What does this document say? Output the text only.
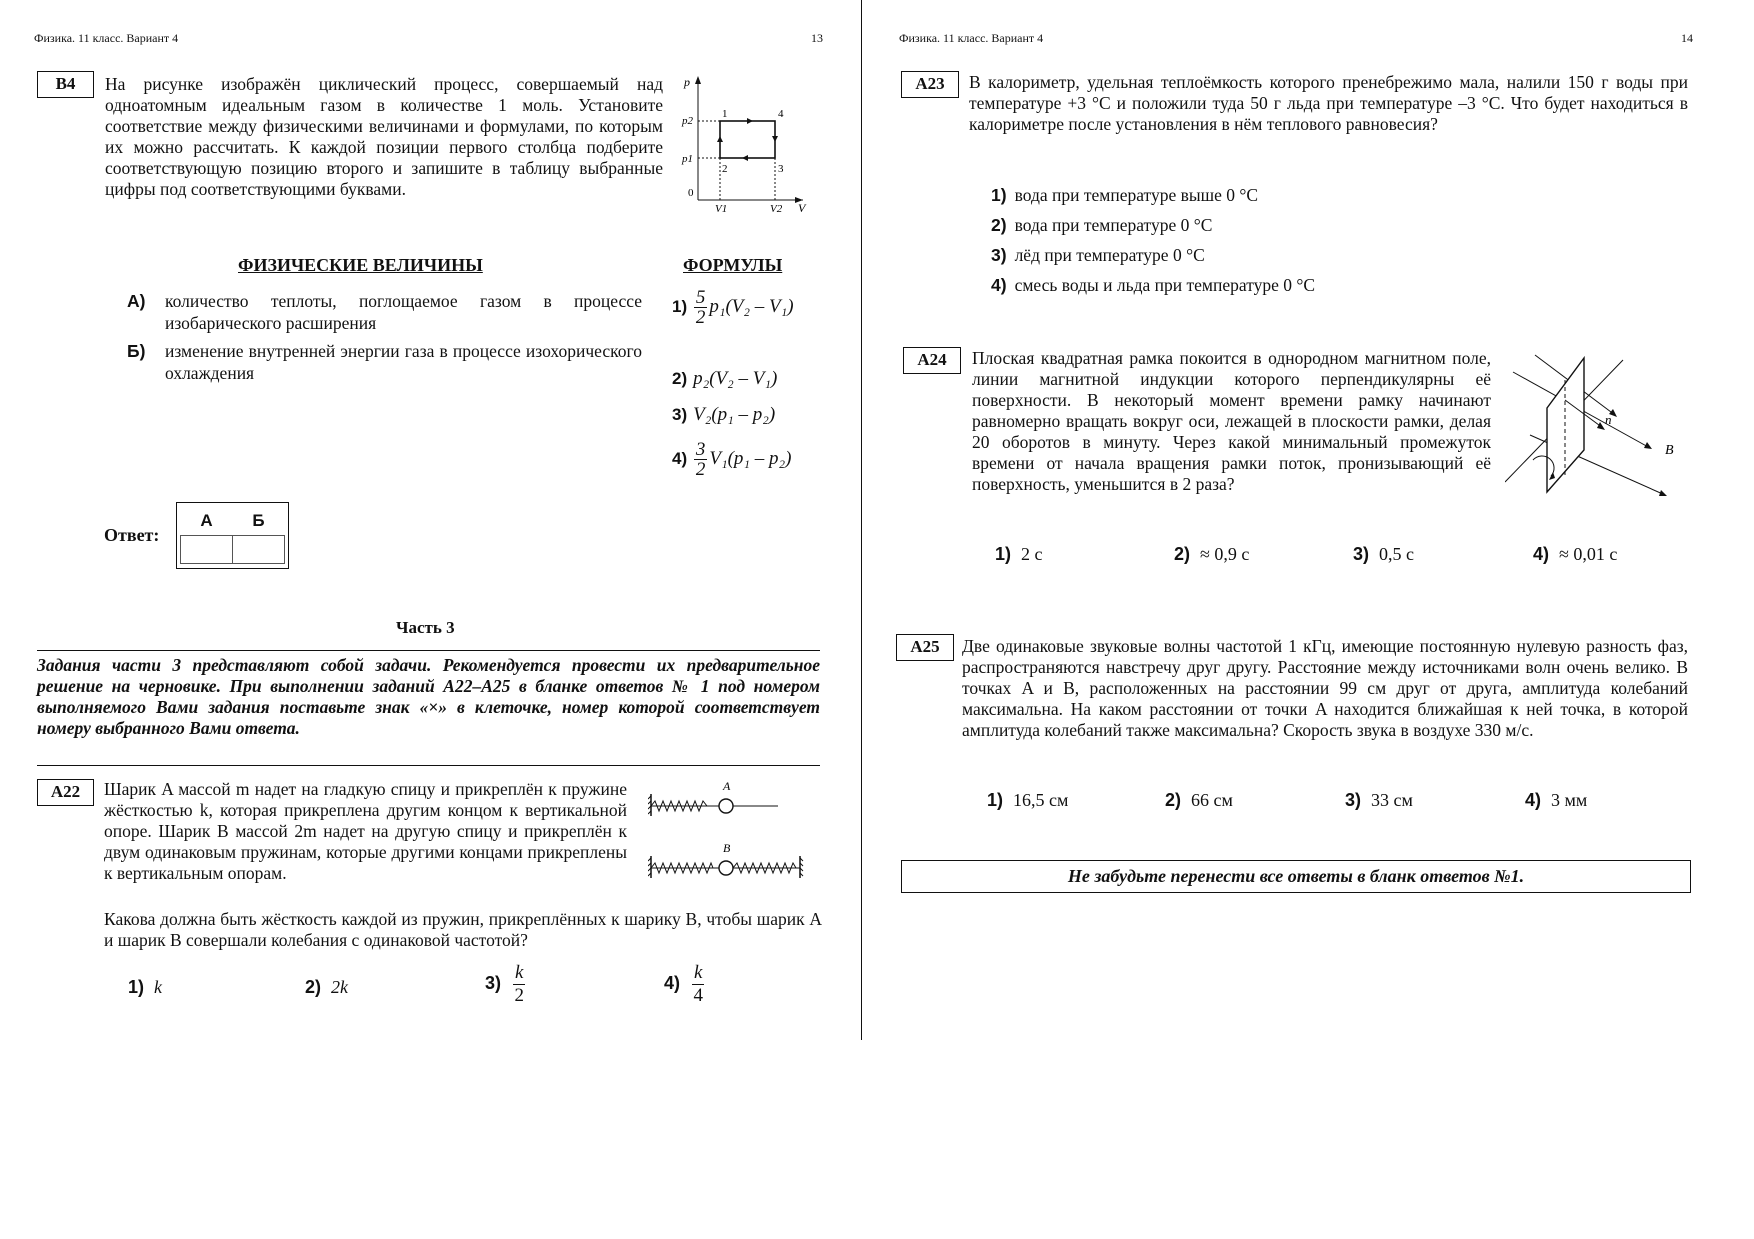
Физика. 11 класс. Вариант 4	13
B4	На рисунке изображён циклический процесс, совершаемый над одноатомным идеальным газом в количестве 1 моль. Установите соответствие между физическими величинами и формулами, по которым их можно рассчитать. К каждой позиции первого столбца подберите соответствующую позицию второго и запишите в таблицу выбранные цифры под соответствующими буквами.
p
p2
p1
0
V1	V2 V
1
2	3
4
ФИЗИЧЕСКИЕ ВЕЛИЧИНЫ	ФОРМУЛЫ
А)	количество теплоты, поглощаемое газом в процессе изобарического расширения
Б)	изменение внутренней энергии газа в процессе изохорического охлаждения
$1) \frac{5}{2} p_1(V_2 - V_1)$
2) p₂(V₂ – V₁)
3) V₂(p₁ – p₂)
$4) \frac{3}{2} V_1(p_1 - p_2)$
Ответ:
А	Б

Часть 3
Задания части 3 представляют собой задачи. Рекомендуется провести их предварительное решение на черновике. При выполнении заданий А22–А25 в бланке ответов № 1 под номером выполняемого Вами задания поставьте знак «×» в клеточке, номер которой соответствует номеру выбранного Вами ответа.
A22	Шарик A массой m надет на гладкую спицу и прикреплён к пружине жёсткостью k, которая прикреплена другим концом к вертикальной опоре. Шарик B массой 2m надет на другую спицу и прикреплён к двум одинаковым пружинам, которые другими концами прикреплены к вертикальным опорам.
Какова должна быть жёсткость каждой из пружин, прикреплённых к шарику B, чтобы шарик A и шарик B совершали колебания с одинаковой частотой?
A
B
1) k	2) 2k	$3) \frac{k}{2}$	$4) \frac{k}{4}$
Физика. 11 класс. Вариант 4	14
A23	В калориметр, удельная теплоёмкость которого пренебрежимо мала, налили 150 г воды при температуре +3 °С и положили туда 50 г льда при температуре –3 °С. Что будет находиться в калориметре после установления в нём теплового равновесия?
1) вода при температуре выше 0 °С
2) вода при температуре 0 °С
3) лёд при температуре 0 °С
4) смесь воды и льда при температуре 0 °С
A24	Плоская квадратная рамка покоится в однородном магнитном поле, линии магнитной индукции которого перпендикулярны её поверхности. В некоторый момент времени рамку начинают равномерно вращать вокруг оси, лежащей в плоскости рамки, делая 20 оборотов в минуту. Через какой минимальный промежуток времени от начала вращения рамки поток, пронизывающий её поверхность, уменьшится в 2 раза?
n
B
1) 2 с	2) ≈ 0,9 с	3) 0,5 с	4) ≈ 0,01 с
A25	Две одинаковые звуковые волны частотой 1 кГц, имеющие постоянную нулевую разность фаз, распространяются навстречу друг другу. Расстояние между источниками волн очень велико. В точках A и B, расположенных на расстоянии 99 см друг от друга, амплитуда колебаний максимальна. На каком расстоянии от точки A находится ближайшая к ней точка, в которой амплитуда колебаний также максимальна? Скорость звука в воздухе 330 м/с.
1) 16,5 см	2) 66 см	3) 33 см	4) 3 мм
Не забудьте перенести все ответы в бланк ответов №1.
